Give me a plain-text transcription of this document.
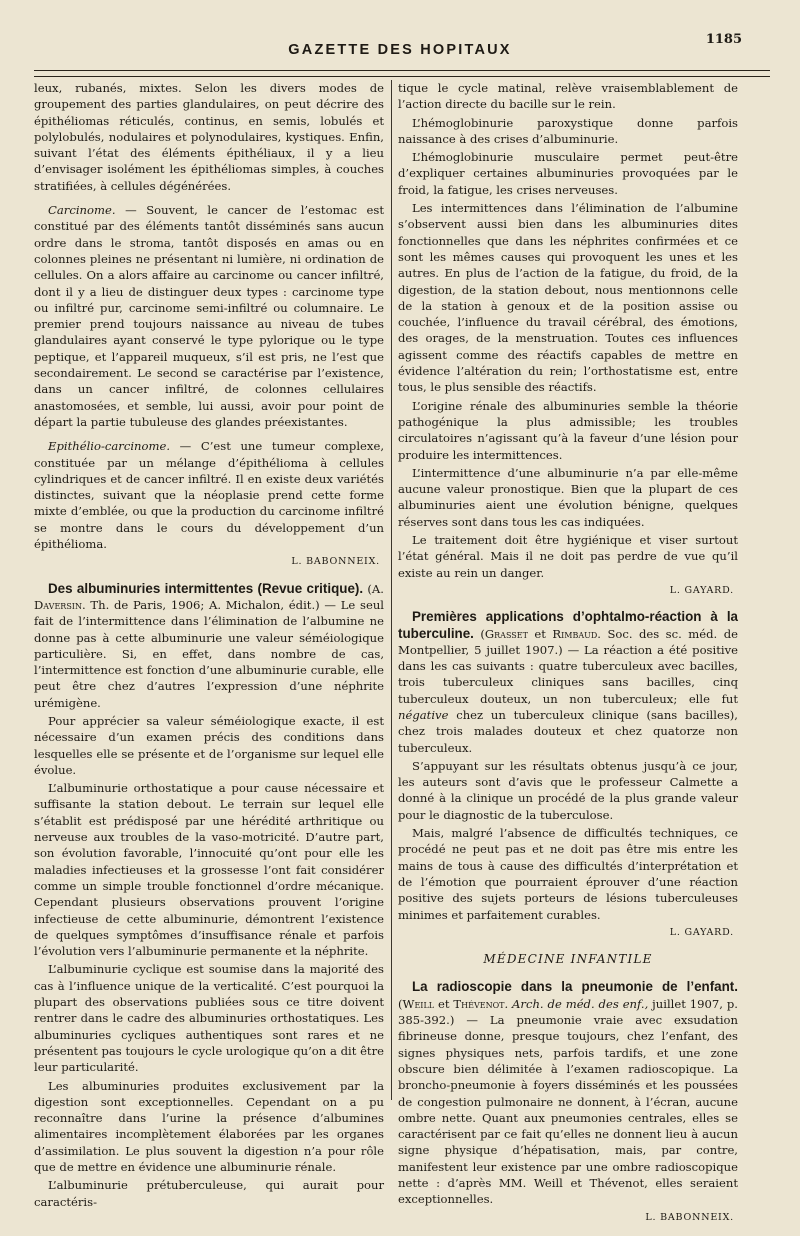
GAZETTE DES HOPITAUX
1185

leux, rubanés, mixtes. Selon les divers modes de groupement des parties glandulaires, on peut décrire des épithéliomas réticulés, continus, en semis, lobulés et polylobulés, nodulaires et polynodulaires, kystiques. Enfin, suivant l’état des éléments épithéliaux, il y a lieu d’envisager isolément les épithéliomas simples, à couches stratifiées, à cellules dégénérées.

Carcinome. — Souvent, le cancer de l’estomac est constitué par des éléments tantôt disséminés sans aucun ordre dans le stroma, tantôt disposés en amas ou en colonnes pleines ne présentant ni lumière, ni ordination de cellules. On a alors affaire au carcinome ou cancer infiltré, dont il y a lieu de distinguer deux types : carcinome type ou infiltré pur, carcinome semi-infiltré ou columnaire. Le premier prend toujours naissance au niveau de tubes glandulaires ayant conservé le type pylorique ou le type peptique, et l’appareil muqueux, s’il est pris, ne l’est que secondairement. Le second se caractérise par l’existence, dans un cancer infiltré, de colonnes cellulaires anastomosées, et semble, lui aussi, avoir pour point de départ la partie tubuleuse des glandes préexistantes.

Epithélio-carcinome. — C’est une tumeur complexe, constituée par un mélange d’épithélioma à cellules cylindriques et de cancer infiltré. Il en existe deux variétés distinctes, suivant que la néoplasie prend cette forme mixte d’emblée, ou que la production du carcinome infiltré se montre dans le cours du développement d’un épithélioma.

L. BABONNEIX.

Des albuminuries intermittentes (Revue critique). (A. Daversin. Th. de Paris, 1906; A. Michalon, édit.) — Le seul fait de l’intermittence dans l’élimination de l’albumine ne donne pas à cette albuminurie une valeur séméiologique particulière. Si, en effet, dans nombre de cas, l’intermittence est fonction d’une albuminurie curable, elle peut être chez d’autres l’expression d’une néphrite urémigène.

Pour apprécier sa valeur séméiologique exacte, il est nécessaire d’un examen précis des conditions dans lesquelles elle se présente et de l’organisme sur lequel elle évolue.

L’albuminurie orthostatique a pour cause nécessaire et suffisante la station debout. Le terrain sur lequel elle s’établit est prédisposé par une hérédité arthritique ou nerveuse aux troubles de la vaso-motricité. D’autre part, son évolution favorable, l’innocuité qu’ont pour elle les maladies infectieuses et la grossesse l’ont fait considérer comme un simple trouble fonctionnel d’ordre mécanique. Cependant plusieurs observations prouvent l’origine infectieuse de cette albuminurie, démontrent l’existence de quelques symptômes d’insuffisance rénale et parfois l’évolution vers l’albuminurie permanente et la néphrite.

L’albuminurie cyclique est soumise dans la majorité des cas à l’influence unique de la verticalité. C’est pourquoi la plupart des observations publiées sous ce titre doivent rentrer dans le cadre des albuminuries orthostatiques. Les albuminuries cycliques authentiques sont rares et ne présentent pas toujours le cycle urologique qu’on a dit être leur particularité.

Les albuminuries produites exclusivement par la digestion sont exceptionnelles. Cependant on a pu reconnaître dans l’urine la présence d’albumines alimentaires incomplètement élaborées par les organes d’assimilation. Le plus souvent la digestion n’a pour rôle que de mettre en évidence une albuminurie rénale.

L’albuminurie prétuberculeuse, qui aurait pour caractéris-

tique le cycle matinal, relève vraisemblablement de l’action directe du bacille sur le rein.

L’hémoglobinurie paroxystique donne parfois naissance à des crises d’albuminurie.

L’hémoglobinurie musculaire permet peut-être d’expliquer certaines albuminuries provoquées par le froid, la fatigue, les crises nerveuses.

Les intermittences dans l’élimination de l’albumine s’observent aussi bien dans les albuminuries dites fonctionnelles que dans les néphrites confirmées et ce sont les mêmes causes qui provoquent les unes et les autres. En plus de l’action de la fatigue, du froid, de la digestion, de la station debout, nous mentionnons celle de la station à genoux et de la position assise ou couchée, l’influence du travail cérébral, des émotions, des orages, de la menstruation. Toutes ces influences agissent comme des réactifs capables de mettre en évidence l’altération du rein; l’orthostatisme est, entre tous, le plus sensible des réactifs.

L’origine rénale des albuminuries semble la théorie pathogénique la plus admissible; les troubles circulatoires n’agissant qu’à la faveur d’une lésion pour produire les intermittences.

L’intermittence d’une albuminurie n’a par elle-même aucune valeur pronostique. Bien que la plupart de ces albuminuries aient une évolution bénigne, quelques réserves sont dans tous les cas indiquées.

Le traitement doit être hygiénique et viser surtout l’état général. Mais il ne doit pas perdre de vue qu’il existe au rein un danger.

L. GAYARD.

Premières applications d’ophtalmo-réaction à la tuberculine. (Grasset et Rimbaud. Soc. des sc. méd. de Montpellier, 5 juillet 1907.) — La réaction a été positive dans les cas suivants : quatre tuberculeux avec bacilles, trois tuberculeux cliniques sans bacilles, cinq tuberculeux douteux, un non tuberculeux; elle fut négative chez un tuberculeux clinique (sans bacilles), chez trois malades douteux et chez quatorze non tuberculeux.

S’appuyant sur les résultats obtenus jusqu’à ce jour, les auteurs sont d’avis que le professeur Calmette a donné à la clinique un procédé de la plus grande valeur pour le diagnostic de la tuberculose.

Mais, malgré l’absence de difficultés techniques, ce procédé ne peut pas et ne doit pas être mis entre les mains de tous à cause des difficultés d’interprétation et de l’émotion que pourraient éprouver d’une réaction positive des sujets porteurs de lésions tuberculeuses minimes et parfaitement curables.

L. GAYARD.
MÉDECINE INFANTILE

La radioscopie dans la pneumonie de l’enfant. (Weill et Thévenot. Arch. de méd. des enf., juillet 1907, p. 385-392.) — La pneumonie vraie avec exsudation fibrineuse donne, presque toujours, chez l’enfant, des signes physiques nets, parfois tardifs, et une zone obscure bien délimitée à l’examen radioscopique. La broncho-pneumonie à foyers disséminés et les poussées de congestion pulmonaire ne donnent, à l’écran, aucune ombre nette. Quant aux pneumonies centrales, elles se caractérisent par ce fait qu’elles ne donnent lieu à aucun signe physique d’hépatisation, mais, par contre, manifestent leur existence par une ombre radioscopique nette : d’après MM. Weill et Thévenot, elles seraient exceptionnelles.

L. BABONNEIX.
